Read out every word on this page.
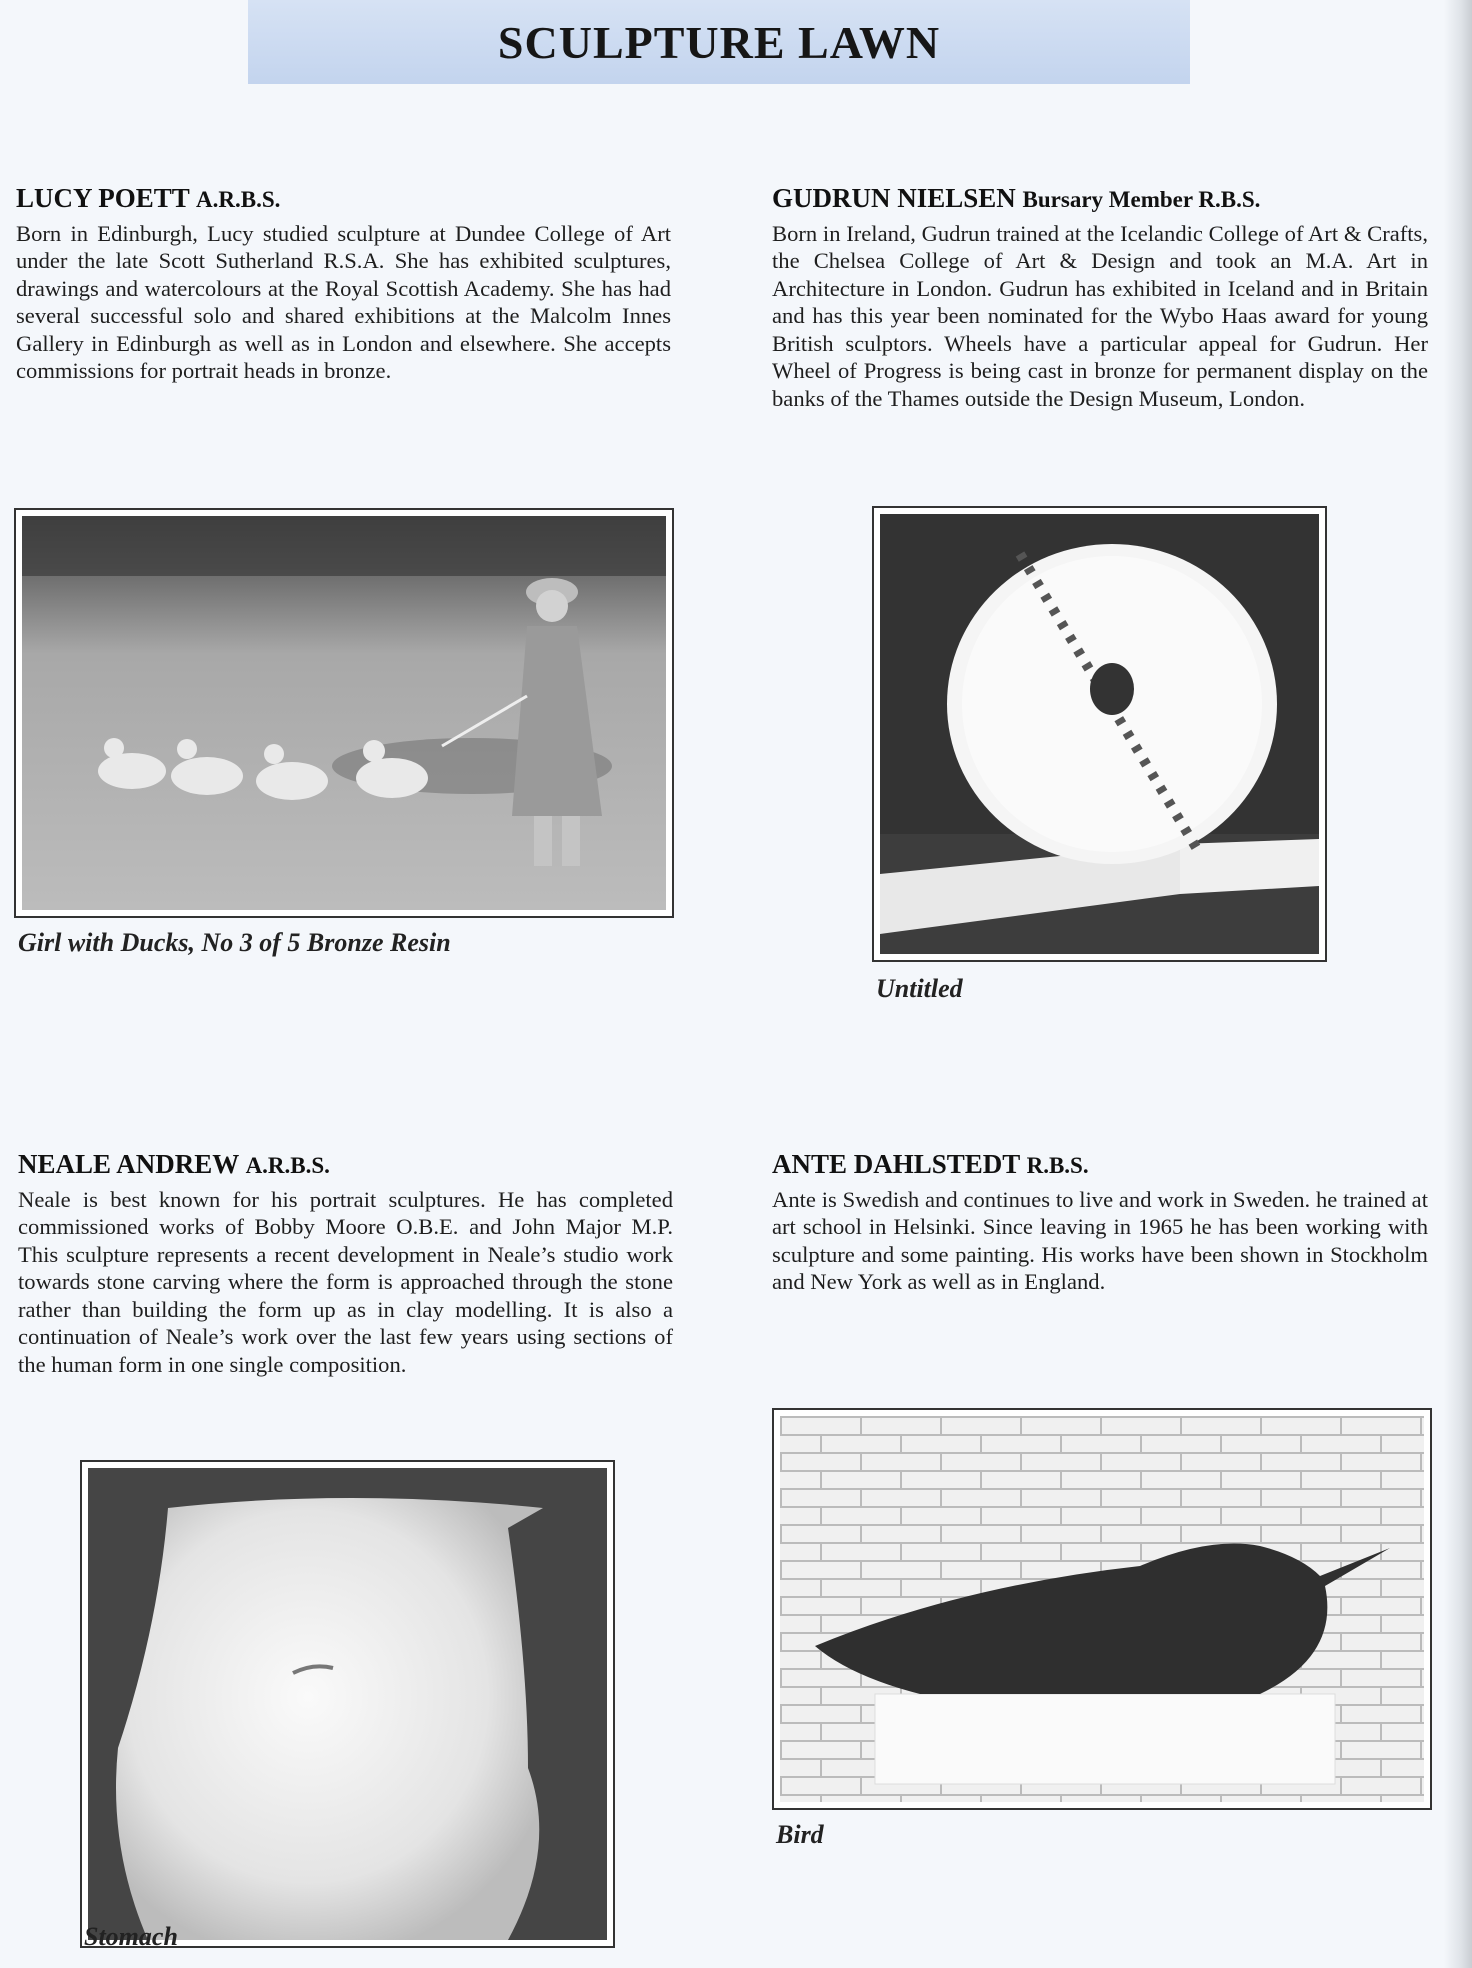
SCULPTURE LAWN
LUCY POETT A.R.B.S.

Born in Edinburgh, Lucy studied sculpture at Dundee College of Art under the late Scott Sutherland R.S.A. She has exhibited sculptures, drawings and watercolours at the Royal Scottish Academy. She has had several successful solo and shared exhibitions at the Malcolm Innes Gallery in Edinburgh as well as in London and elsewhere. She accepts commissions for portrait heads in bronze.

Girl with Ducks, No 3 of 5 Bronze Resin
GUDRUN NIELSEN Bursary Member R.B.S.

Born in Ireland, Gudrun trained at the Icelandic College of Art & Crafts, the Chelsea College of Art & Design and took an M.A. Art in Architecture in London. Gudrun has exhibited in Iceland and in Britain and has this year been nominated for the Wybo Haas award for young British sculptors. Wheels have a particular appeal for Gudrun. Her Wheel of Progress is being cast in bronze for permanent display on the banks of the Thames outside the Design Museum, London.

Untitled
NEALE ANDREW A.R.B.S.

Neale is best known for his portrait sculptures. He has completed commissioned works of Bobby Moore O.B.E. and John Major M.P. This sculpture represents a recent development in Neale’s studio work towards stone carving where the form is approached through the stone rather than building the form up as in clay modelling. It is also a continuation of Neale’s work over the last few years using sections of the human form in one single composition.

Stomach
ANTE DAHLSTEDT R.B.S.

Ante is Swedish and continues to live and work in Sweden. he trained at art school in Helsinki. Since leaving in 1965 he has been working with sculpture and some painting. His works have been shown in Stockholm and New York as well as in England.

Bird
